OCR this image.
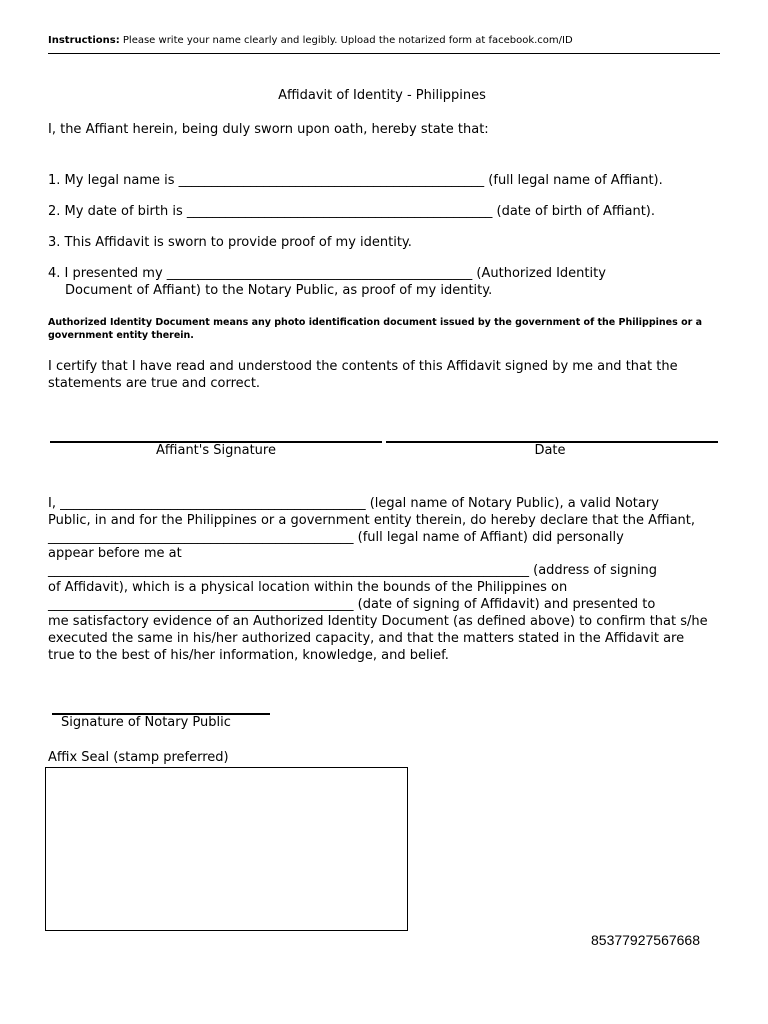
Instructions: Please write your name clearly and legibly. Upload the notarized form at facebook.com/ID
Affidavit of Identity - Philippines
I, the Affiant herein, being duly sworn upon oath, hereby state that:
1. My legal name is _______________________________________________ (full legal name of Affiant).
2. My date of birth is _______________________________________________ (date of birth of Affiant).
3. This Affidavit is sworn to provide proof of my identity.
4. I presented my _______________________________________________ (Authorized Identity
Document of Affiant) to the Notary Public, as proof of my identity.
Authorized Identity Document means any photo identification document issued by the government of the Philippines or a government entity therein.
I certify that I have read and understood the contents of this Affidavit signed by me and that the statements are true and correct.
Affiant's Signature	Date
I, _______________________________________________ (legal name of Notary Public), a valid Notary
Public, in and for the Philippines or a government entity therein, do hereby declare that the Affiant,
_______________________________________________ (full legal name of Affiant) did personally
appear before me at
__________________________________________________________________________ (address of signing
of Affidavit), which is a physical location within the bounds of the Philippines on
_______________________________________________ (date of signing of Affidavit) and presented to
me satisfactory evidence of an Authorized Identity Document (as defined above) to confirm that s/he
executed the same in his/her authorized capacity, and that the matters stated in the Affidavit are
true to the best of his/her information, knowledge, and belief.
Signature of Notary Public
Affix Seal (stamp preferred)
85377927567668
